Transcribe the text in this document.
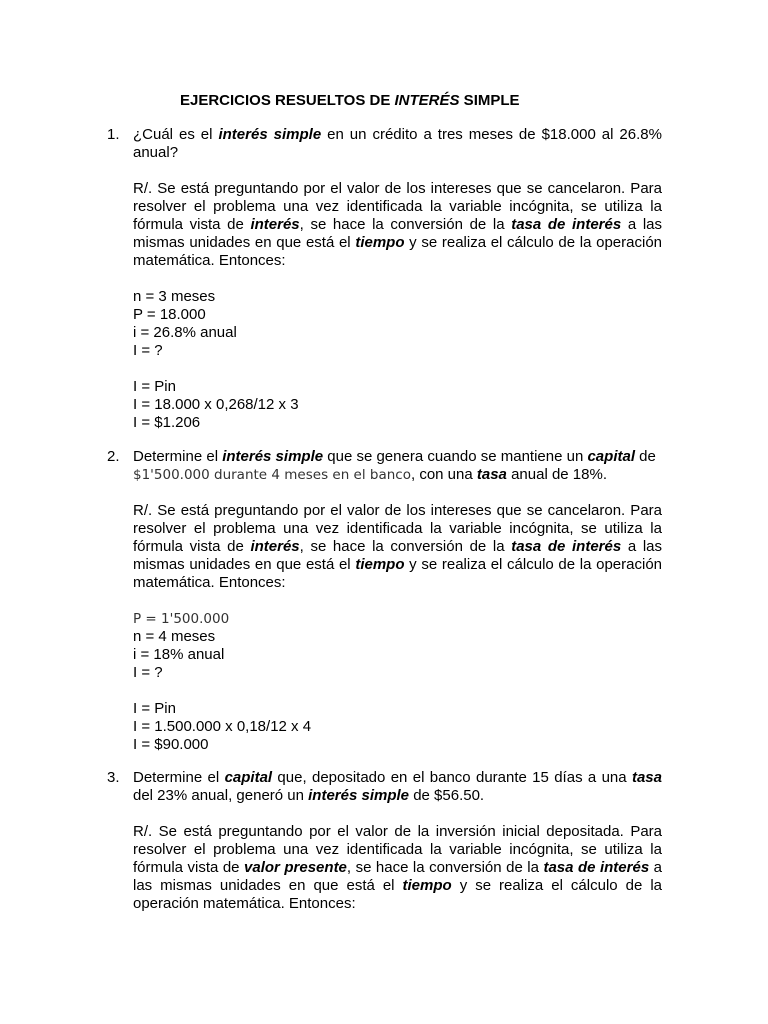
EJERCICIOS RESUELTOS DE INTERÉS SIMPLE

1. ¿Cuál es el interés simple en un crédito a tres meses de $18.000 al 26.8% anual?

R/. Se está preguntando por el valor de los intereses que se cancelaron. Para resolver el problema una vez identificada la variable incógnita, se utiliza la fórmula vista de interés, se hace la conversión de la tasa de interés a las mismas unidades en que está el tiempo y se realiza el cálculo de la operación matemática. Entonces:

n = 3 meses

P = 18.000

i = 26.8% anual

I = ?

I = Pin

I = 18.000 x 0,268/12 x 3

I = $1.206

2. Determine el interés simple que se genera cuando se mantiene un capital de
$1'500.000 durante 4 meses en el banco, con una tasa anual de 18%.

R/. Se está preguntando por el valor de los intereses que se cancelaron. Para resolver el problema una vez identificada la variable incógnita, se utiliza la fórmula vista de interés, se hace la conversión de la tasa de interés a las mismas unidades en que está el tiempo y se realiza el cálculo de la operación matemática. Entonces:

P = 1'500.000

n = 4 meses

i = 18% anual

I = ?

I = Pin

I = 1.500.000 x 0,18/12 x 4

I = $90.000

3. Determine el capital que, depositado en el banco durante 15 días a una tasa del 23% anual, generó un interés simple de $56.50.

R/. Se está preguntando por el valor de la inversión inicial depositada. Para resolver el problema una vez identificada la variable incógnita, se utiliza la fórmula vista de valor presente, se hace la conversión de la tasa de interés a las mismas unidades en que está el tiempo y se realiza el cálculo de la operación matemática. Entonces:
